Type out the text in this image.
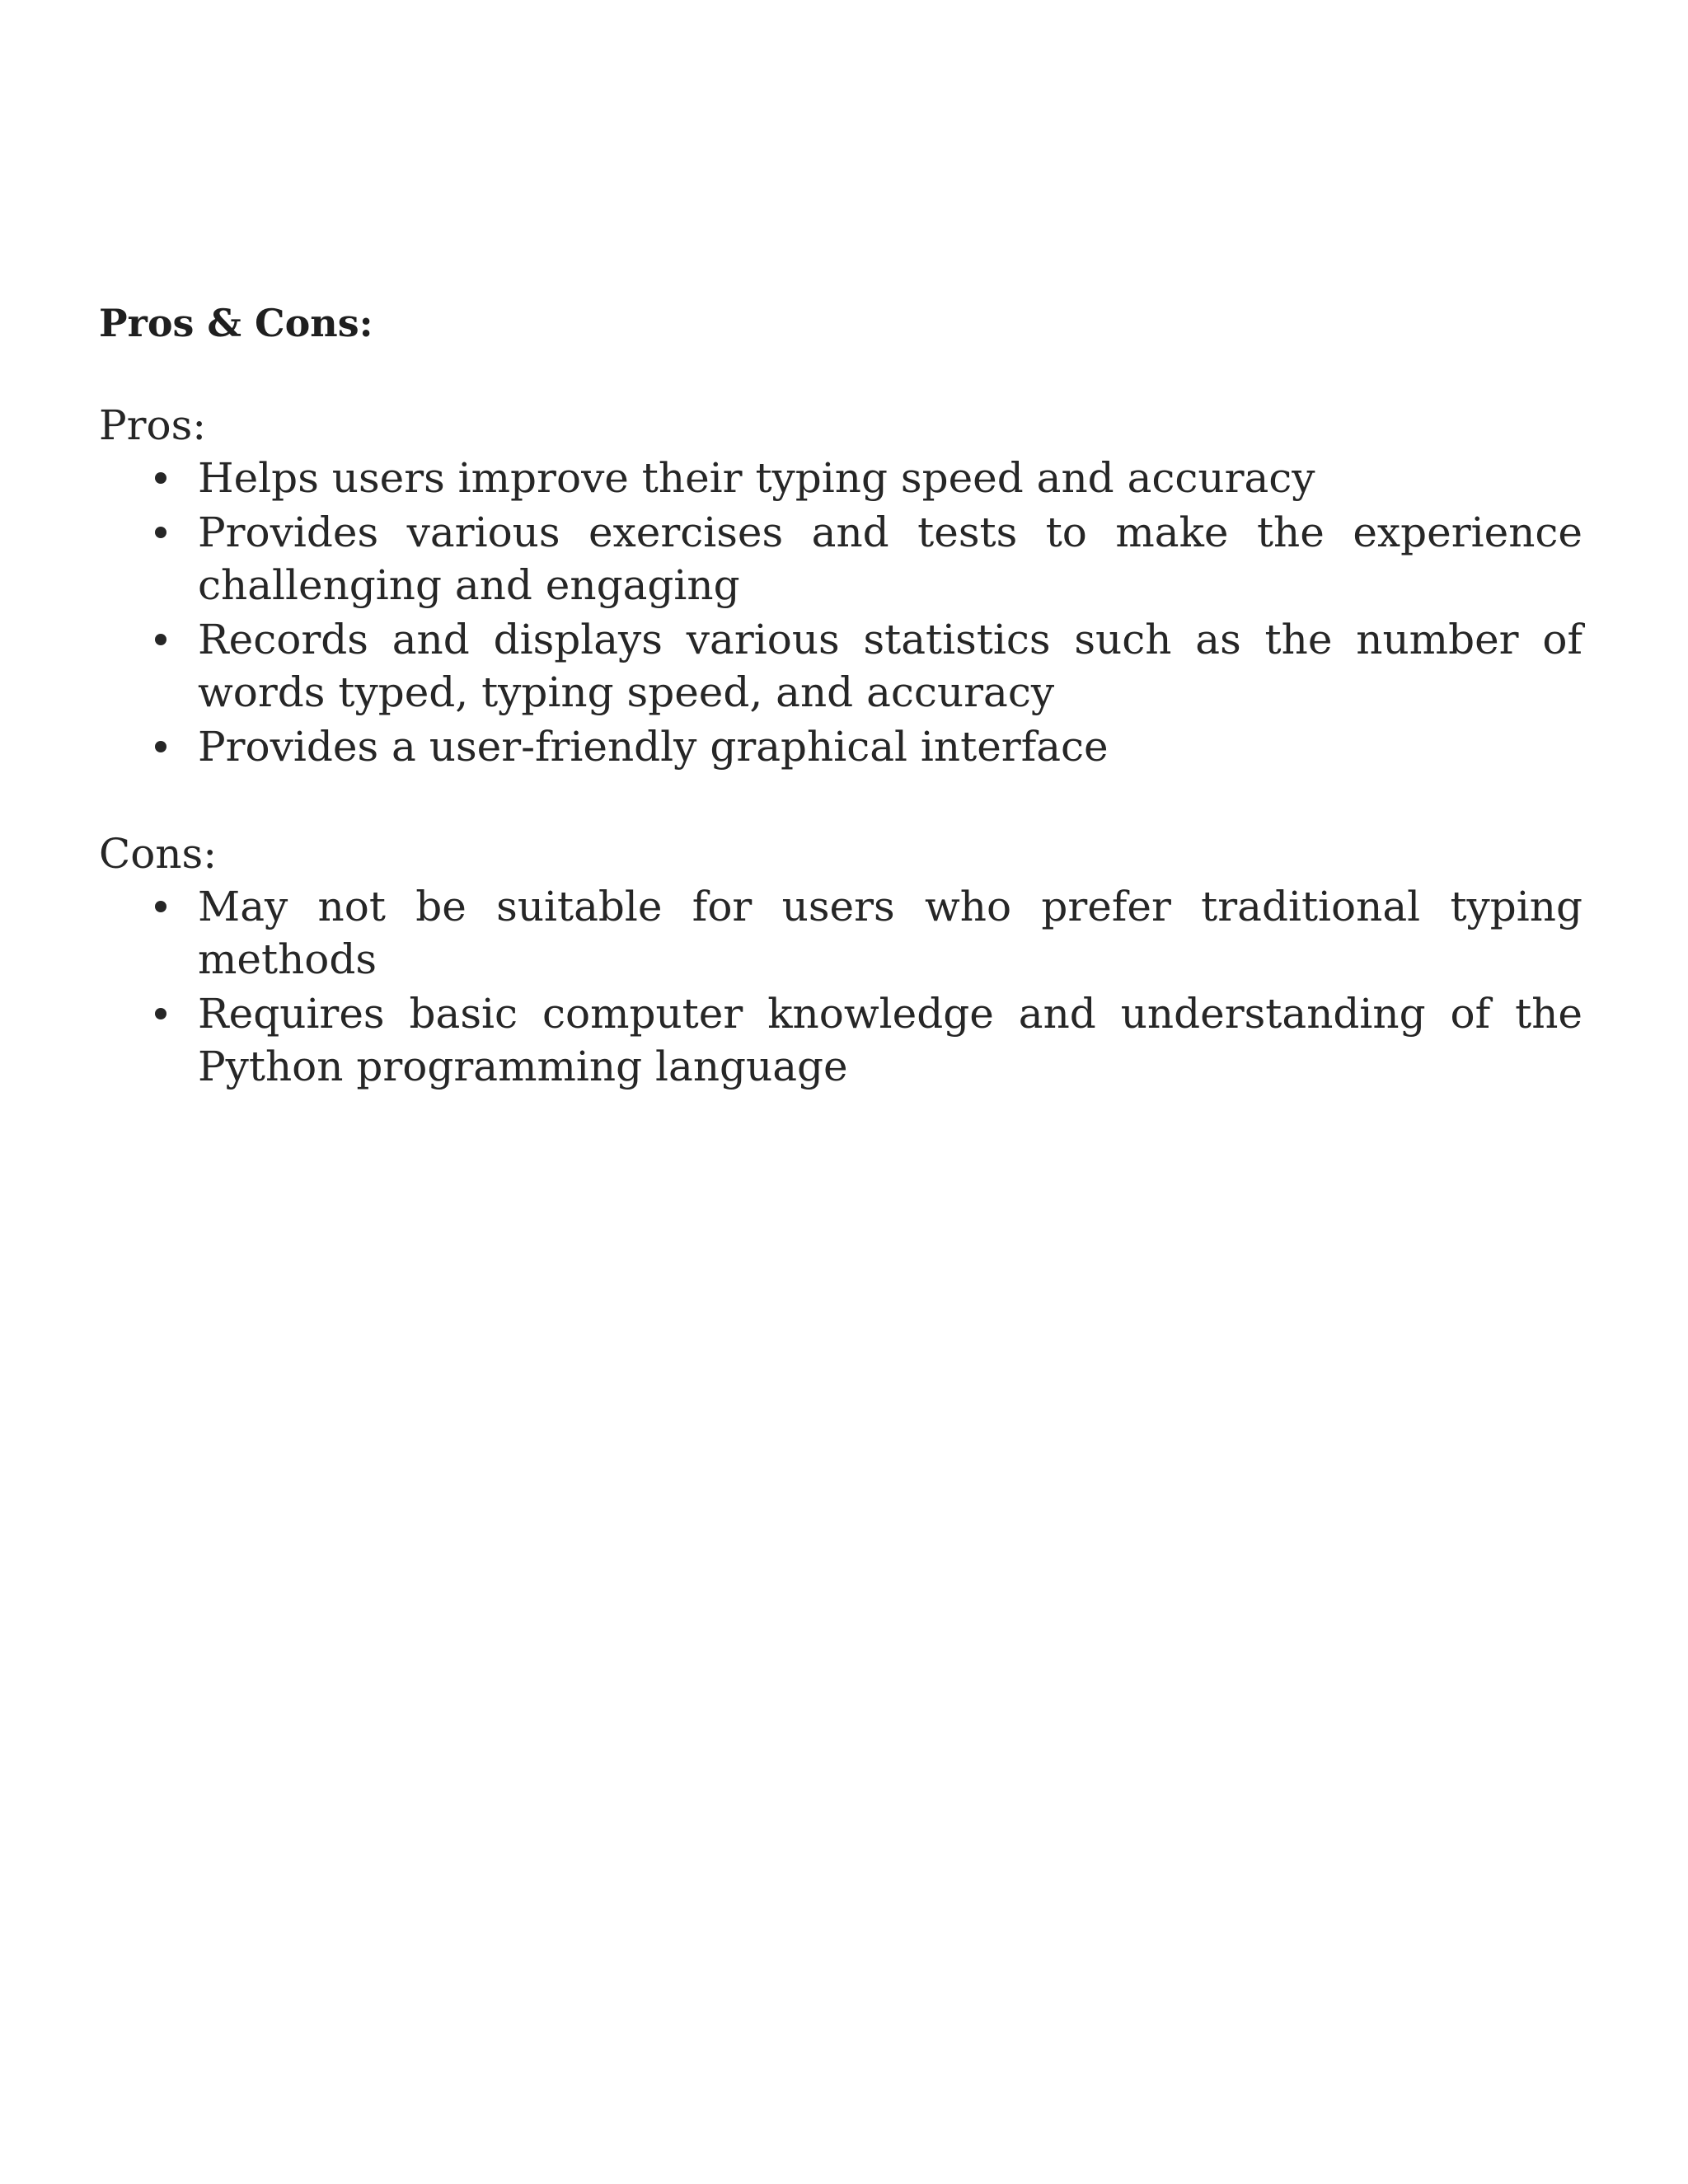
Pros & Cons:

Pros:

Helps users improve their typing speed and accuracy
Provides various exercises and tests to make the experience challenging and engaging
Records and displays various statistics such as the number of words typed, typing speed, and accuracy
Provides a user-friendly graphical interface

Cons:

May not be suitable for users who prefer traditional typing methods
Requires basic computer knowledge and understanding of the Python programming language
